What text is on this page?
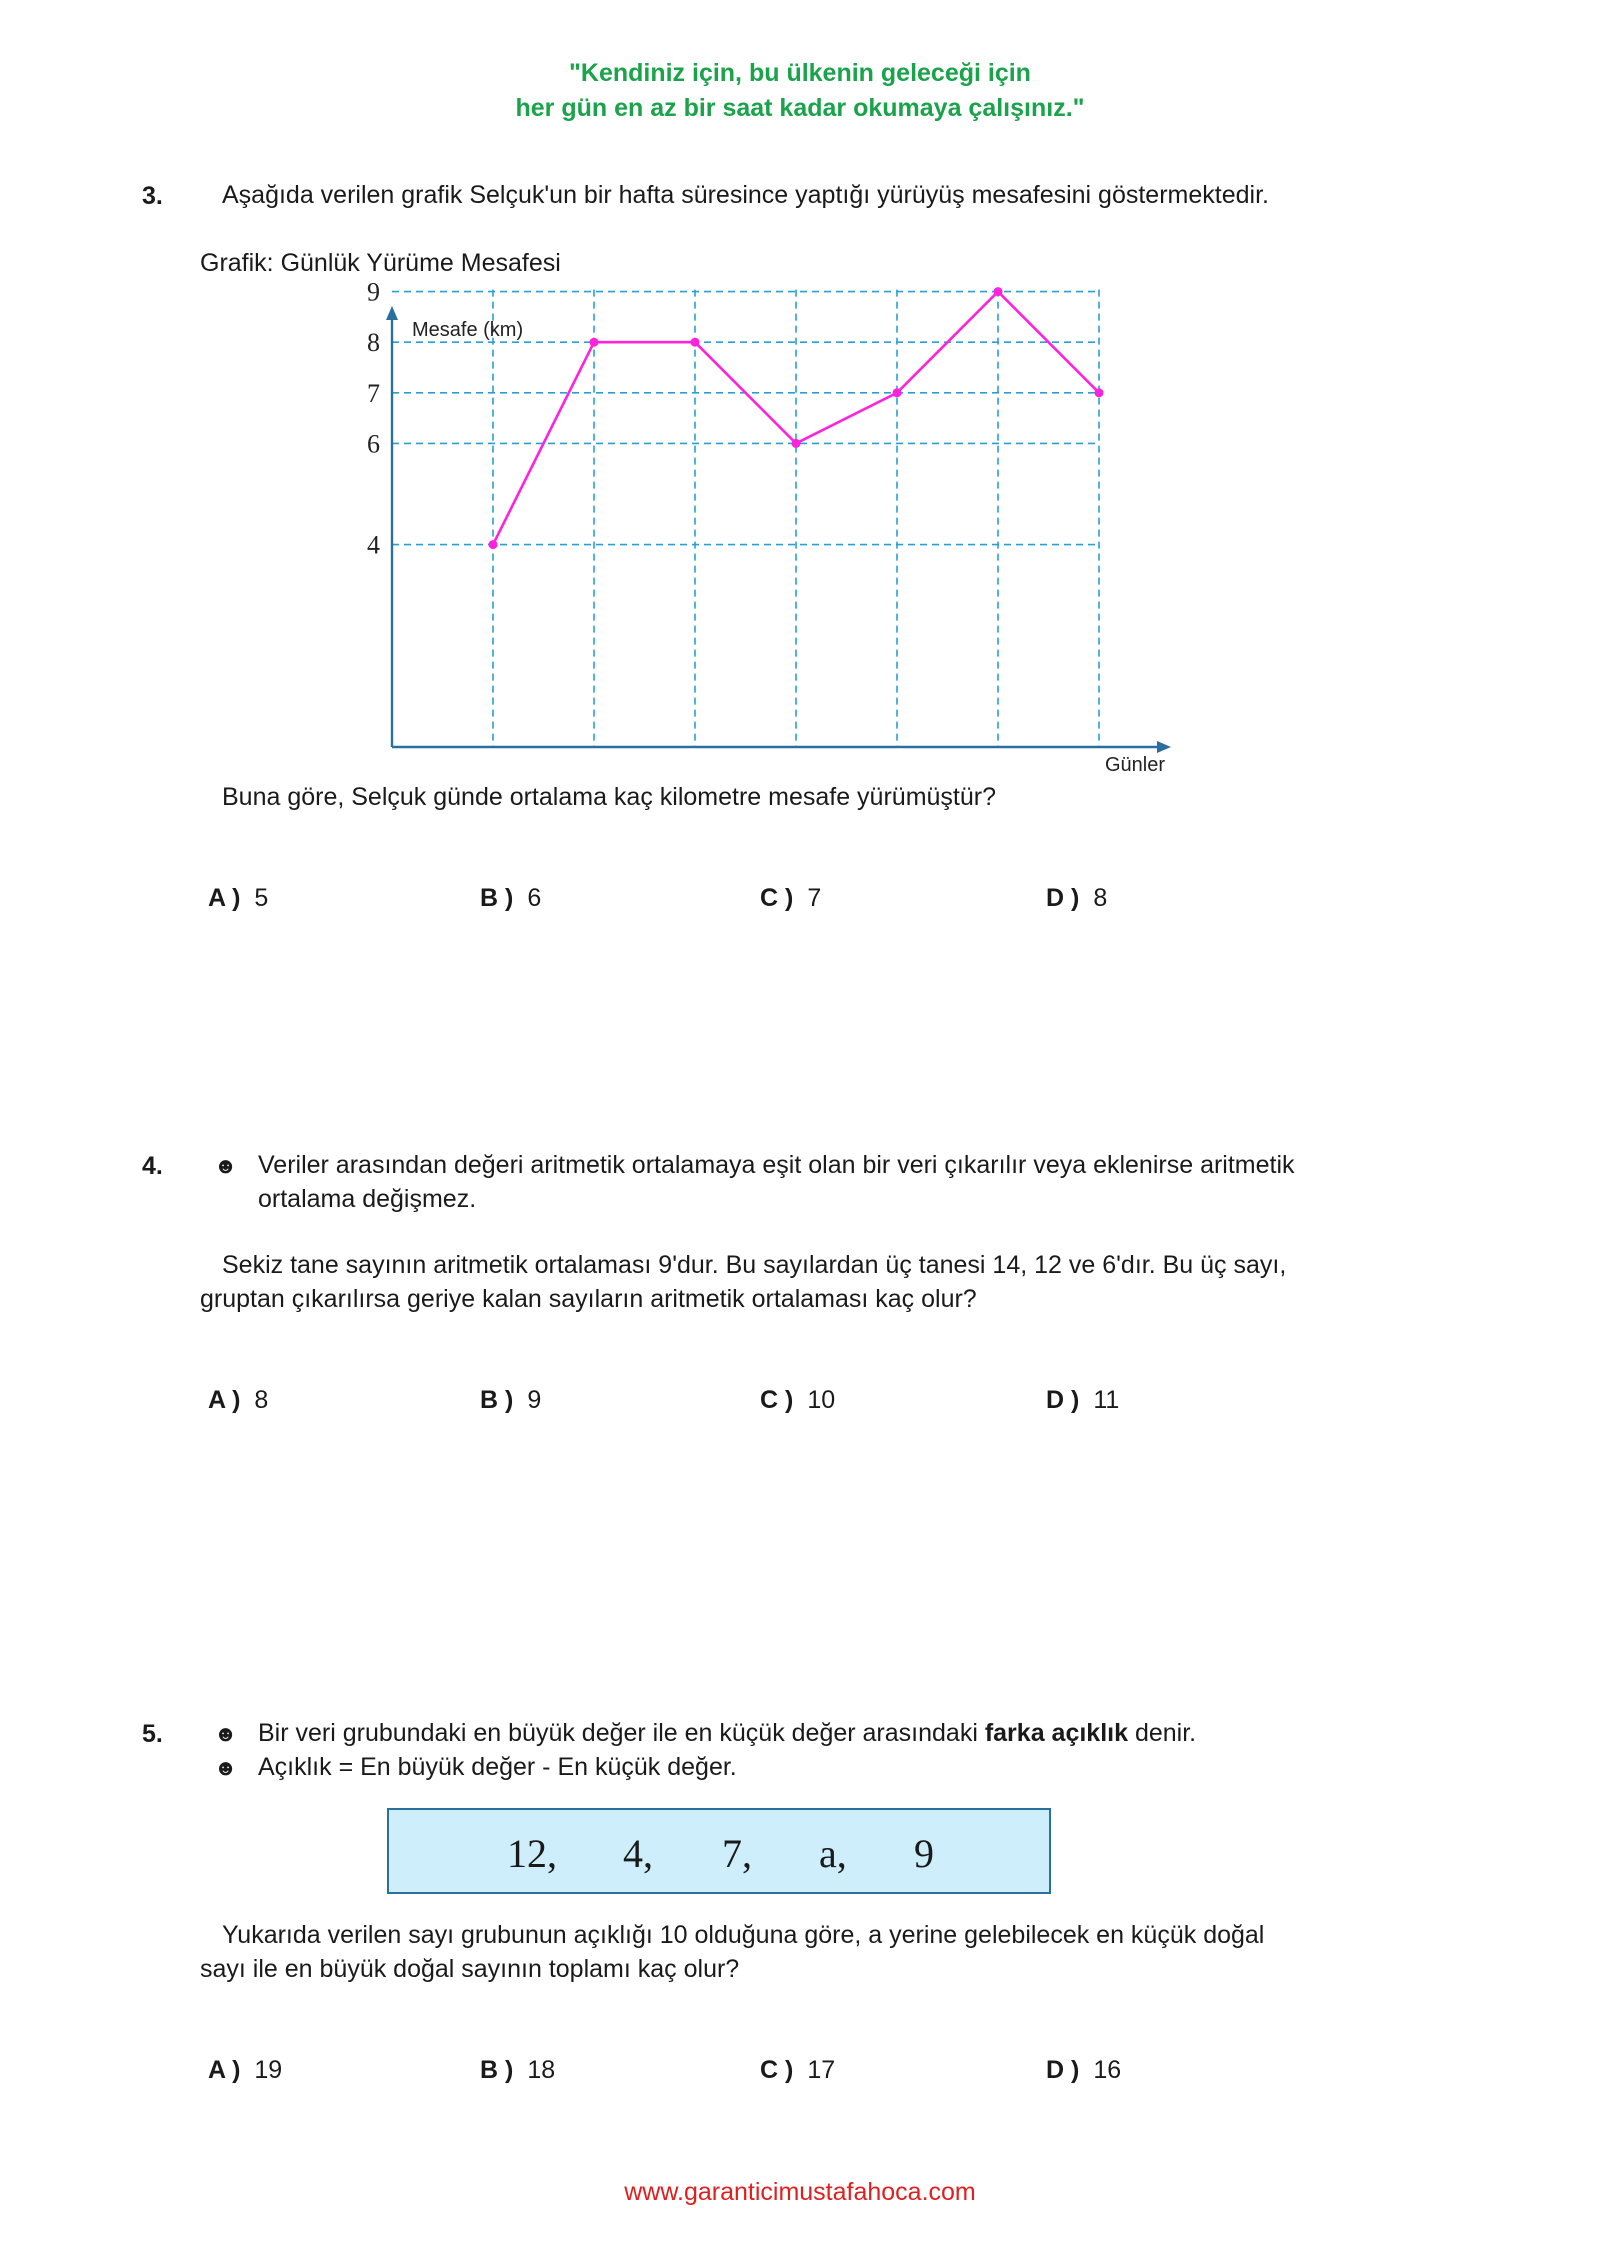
"Kendiniz için, bu ülkenin geleceği için
her gün en az bir saat kadar okumaya çalışınız."
3. Aşağıda verilen grafik Selçuk'un bir hafta süresince yaptığı yürüyüş mesafesini göstermektedir.
Grafik: Günlük Yürüme Mesafesi
4
6
7
8
9
Mesafe (km)
Günler
Buna göre, Selçuk günde ortalama kaç kilometre mesafe yürümüştür?
A ) 5	B ) 6	C ) 7	D ) 8
4. ☻ Veriler arasından değeri aritmetik ortalamaya eşit olan bir veri çıkarılır veya eklenirse aritmetik
ortalama değişmez.
Sekiz tane sayının aritmetik ortalaması 9'dur. Bu sayılardan üç tanesi 14, 12 ve 6'dır. Bu üç sayı,
gruptan çıkarılırsa geriye kalan sayıların aritmetik ortalaması kaç olur?
A ) 8	B ) 9	C ) 10	D ) 11
5. ☻ Bir veri grubundaki en büyük değer ile en küçük değer arasındaki farka açıklık denir.
☻ Açıklık = En büyük değer - En küçük değer.
12, 4, 7, a, 9
Yukarıda verilen sayı grubunun açıklığı 10 olduğuna göre, a yerine gelebilecek en küçük doğal
sayı ile en büyük doğal sayının toplamı kaç olur?
A ) 19	B ) 18	C ) 17	D ) 16
www.garanticimustafahoca.com
